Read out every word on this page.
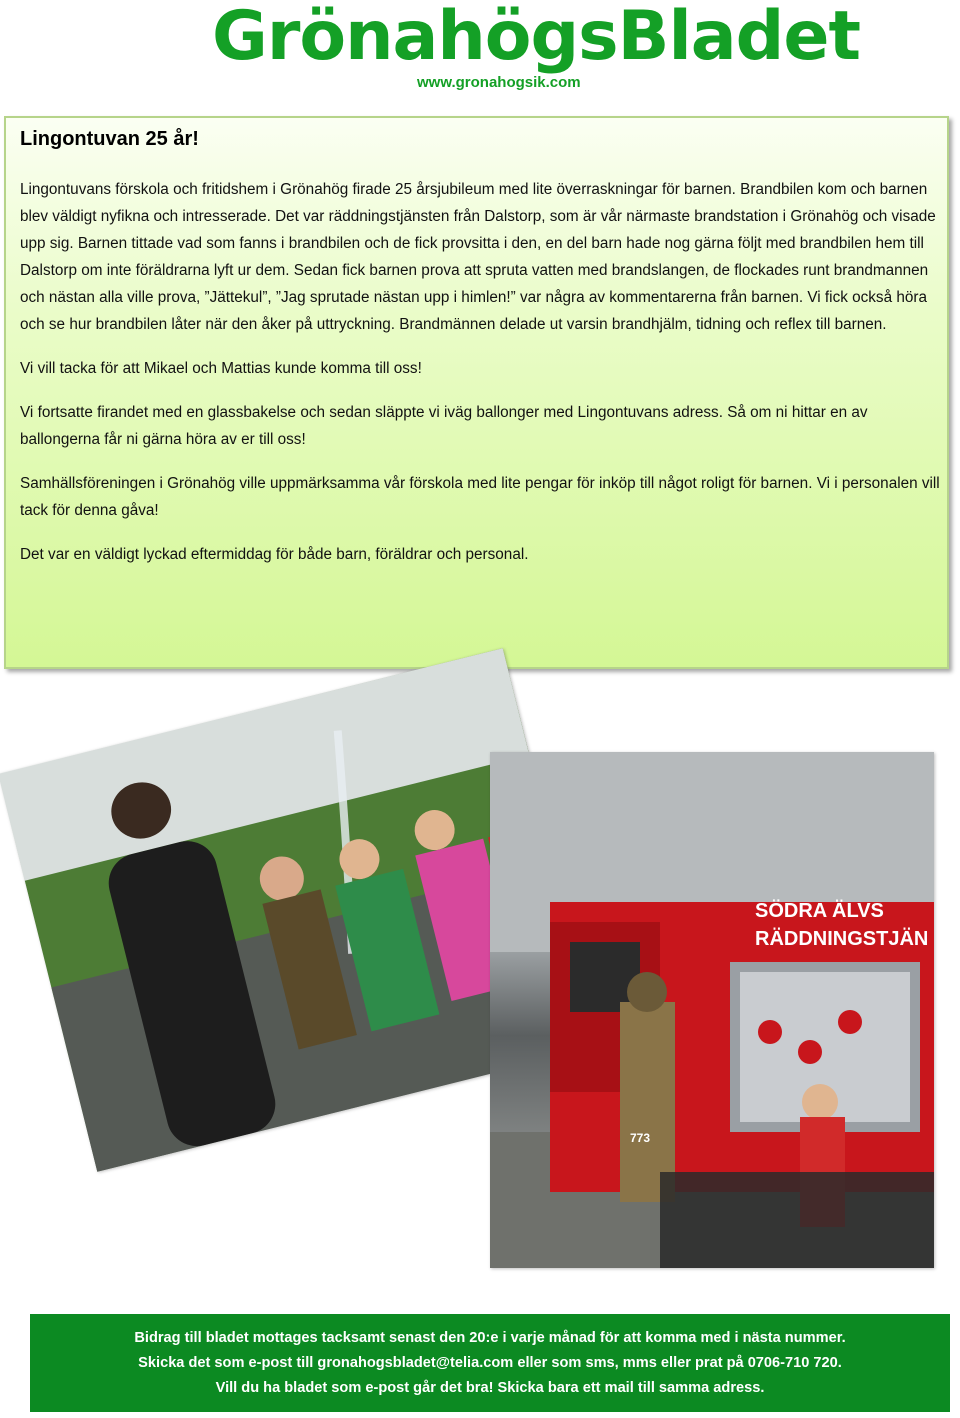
GrönahögsBladet
www.gronahogsik.com
Lingontuvan 25 år!

Lingontuvans förskola och fritidshem i Grönahög firade 25 årsjubileum med lite överraskningar för barnen. Brandbilen kom och barnen blev väldigt nyfikna och intresserade. Det var räddningstjänsten från Dalstorp, som är vår närmaste brandstation i Grönahög och visade upp sig. Barnen tittade vad som fanns i brandbilen och de fick provsitta i den, en del barn hade nog gärna följt med brandbilen hem till Dalstorp om inte föräldrarna lyft ur dem. Sedan fick barnen prova att spruta vatten med brandslangen, de flockades runt brandmannen och nästan alla ville prova, ”Jättekul”, ”Jag sprutade nästan upp i himlen!” var några av kommentarerna från barnen. Vi fick också höra och se hur brandbilen låter när den åker på uttryckning. Brandmännen delade ut varsin brandhjälm, tidning och reflex till barnen.

Vi vill tacka för att Mikael och Mattias kunde komma till oss!

Vi fortsatte firandet med en glassbakelse och sedan släppte vi iväg ballonger med Lingontuvans adress. Så om ni hittar en av ballongerna får ni gärna höra av er till oss!

Samhällsföreningen i Grönahög ville uppmärksamma vår förskola med lite pengar för inköp till något roligt för barnen. Vi i personalen vill tack för denna gåva!

Det var en väldigt lyckad eftermiddag för både barn, föräldrar och personal.

SÖDRA ÄLVS
RÄDDNINGSTJÄN
773
Bidrag till bladet mottages tacksamt senast den 20:e i varje månad för att komma med i nästa nummer.
Skicka det som e-post till gronahogsbladet@telia.com eller som sms, mms eller prat på 0706-710 720.
Vill du ha bladet som e-post går det bra! Skicka bara ett mail till samma adress.
